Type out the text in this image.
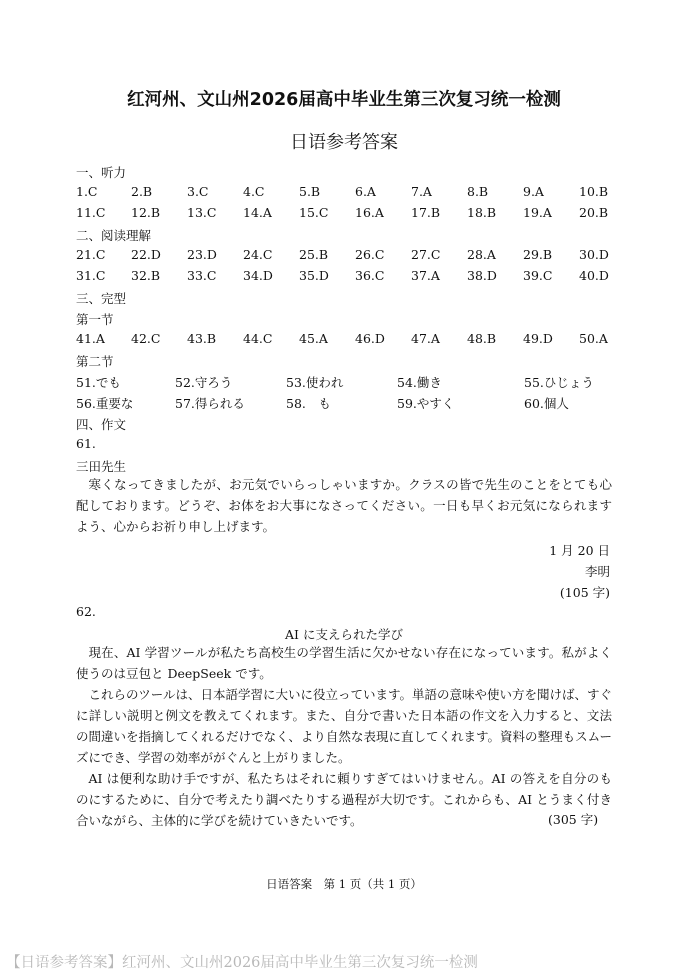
红河州、文山州2026届高中毕业生第三次复习统一检测
日语参考答案
一、听力
1.C	2.B	3.C	4.C	5.B	6.A	7.A	8.B	9.A	10.B
11.C 12.B 13.C 14.A 15.C 16.A 17.B 18.B 19.A 20.B
二、阅读理解
21.C 22.D 23.D 24.C 25.B 26.C 27.C 28.A 29.B 30.D
31.C 32.B 33.C 34.D 35.D 36.C 37.A 38.D 39.C 40.D
三、完型
第一节
41.A 42.C 43.B 44.C 45.A 46.D 47.A 48.B 49.D 50.A
第二节
51.でも	52.守ろう	53.使われ	54.働き	55.ひじょう
56.重要な	57.得られる	58.　も	59.やすく	60.個人
四、作文
61.
三田先生

寒くなってきましたが、お元気でいらっしゃいますか。クラスの皆で先生のことをとても心配しております。どうぞ、お体をお大事になさってください。一日も早くお元気になられますよう、心からお祈り申し上げます。

1 月 20 日
李明
(105 字)
62.
AI に支えられた学び

現在、AI 学習ツールが私たち高校生の学習生活に欠かせない存在になっています。私がよく使うのは豆包と DeepSeek です。

これらのツールは、日本語学習に大いに役立っています。単語の意味や使い方を聞けば、すぐに詳しい説明と例文を教えてくれます。また、自分で書いた日本語の作文を入力すると、文法の間違いを指摘してくれるだけでなく、より自然な表現に直してくれます。資料の整理もスムーズにでき、学習の効率ががぐんと上がりました。

AI は便利な助け手ですが、私たちはそれに頼りすぎてはいけません。AI の答えを自分のものにするために、自分で考えたり調べたりする過程が大切です。これからも、AI とうまく付き合いながら、主体的に学びを続けていきたいです。	(305 字)
日语答案　第 1 页（共 1 页）
【日语参考答案】红河州、文山州2026届高中毕业生第三次复习统一检测
